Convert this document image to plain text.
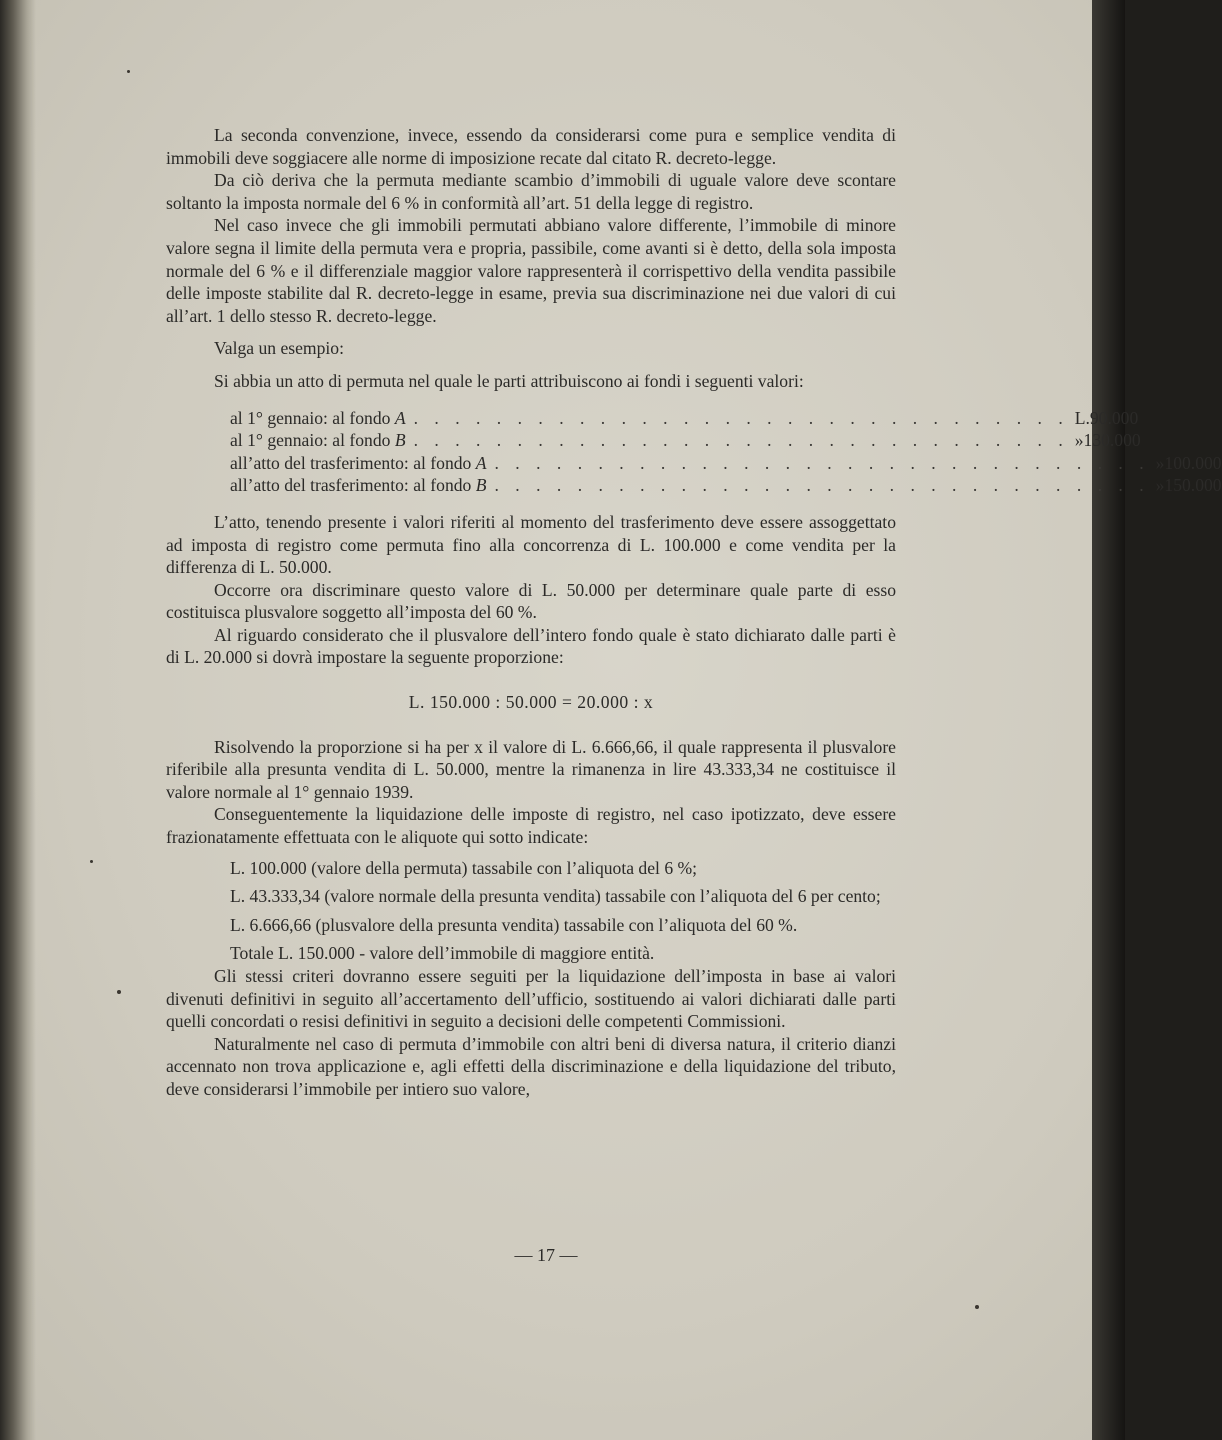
La seconda convenzione, invece, essendo da considerarsi come pura e semplice vendita di immobili deve soggiacere alle norme di imposizione recate dal citato R. decreto-legge.

Da ciò deriva che la permuta mediante scambio d’immobili di uguale valore deve scontare soltanto la imposta normale del 6 % in conformità all’art. 51 della legge di registro.

Nel caso invece che gli immobili permutati abbiano valore differente, l’immobile di minore valore segna il limite della permuta vera e propria, passibile, come avanti si è detto, della sola imposta normale del 6 % e il differenziale maggior valore rappresenterà il corrispettivo della vendita passibile delle imposte stabilite dal R. decreto-legge in esame, previa sua discriminazione nei due valori di cui all’art. 1 dello stesso R. decreto-legge.

Valga un esempio:

Si abbia un atto di permuta nel quale le parti attribuiscono ai fondi i seguenti valori:

al 1° gennaio: al fondo A . . . . . . . . . . . . . . . . . . . . . . . . . . . . . . . . L. 90.000
al 1° gennaio: al fondo B . . . . . . . . . . . . . . . . . . . . . . . . . . . . . . . . » 130.000
all’atto del trasferimento: al fondo A . . . . . . . . . . . . . . . . . . . . . . . . . . . . . . . . » 100.000
all’atto del trasferimento: al fondo B . . . . . . . . . . . . . . . . . . . . . . . . . . . . . . . . » 150.000

L’atto, tenendo presente i valori riferiti al momento del trasferimento deve essere assoggettato ad imposta di registro come permuta fino alla concorrenza di L. 100.000 e come vendita per la differenza di L. 50.000.

Occorre ora discriminare questo valore di L. 50.000 per determinare quale parte di esso costituisca plusvalore soggetto all’imposta del 60 %.

Al riguardo considerato che il plusvalore dell’intero fondo quale è stato dichiarato dalle parti è di L. 20.000 si dovrà impostare la seguente proporzione:

L. 150.000 : 50.000 = 20.000 : x

Risolvendo la proporzione si ha per x il valore di L. 6.666,66, il quale rappresenta il plusvalore riferibile alla presunta vendita di L. 50.000, mentre la rimanenza in lire 43.333,34 ne costituisce il valore normale al 1° gennaio 1939.

Conseguentemente la liquidazione delle imposte di registro, nel caso ipotizzato, deve essere frazionatamente effettuata con le aliquote qui sotto indicate:

L. 100.000 (valore della permuta) tassabile con l’aliquota del 6 %;

L. 43.333,34 (valore normale della presunta vendita) tassabile con l’aliquota del 6 per cento;

L. 6.666,66 (plusvalore della presunta vendita) tassabile con l’aliquota del 60 %.

Totale L. 150.000 - valore dell’immobile di maggiore entità.

Gli stessi criteri dovranno essere seguiti per la liquidazione dell’imposta in base ai valori divenuti definitivi in seguito all’accertamento dell’ufficio, sostituendo ai valori dichiarati dalle parti quelli concordati o resisi definitivi in seguito a decisioni delle competenti Commissioni.

Naturalmente nel caso di permuta d’immobile con altri beni di diversa natura, il criterio dianzi accennato non trova applicazione e, agli effetti della discriminazione e della liquidazione del tributo, deve considerarsi l’immobile per intiero suo valore,

— 17 —
